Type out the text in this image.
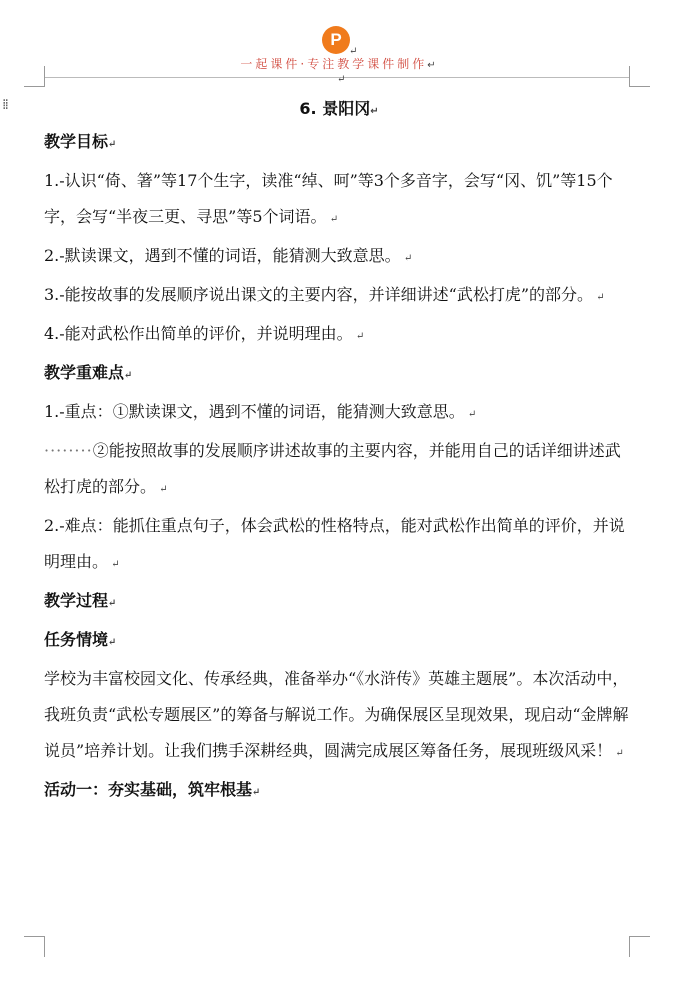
P
↵
一起课件·专注教学课件制作↵
↵
⁞⁞	6. 景阳冈↵
教学目标↵
1.-认识“倚、箸”等17个生字，读准“绰、呵”等3个多音字，会写“冈、饥”等15个字，会写“半夜三更、寻思”等5个词语。 ↵
2.-默读课文，遇到不懂的词语，能猜测大致意思。 ↵
3.-能按故事的发展顺序说出课文的主要内容，并详细讲述“武松打虎”的部分。 ↵
4.-能对武松作出简单的评价，并说明理由。 ↵
教学重难点↵
1.-重点：①默读课文，遇到不懂的词语，能猜测大致意思。 ↵
········②能按照故事的发展顺序讲述故事的主要内容，并能用自己的话详细讲述武松打虎的部分。 ↵
2.-难点：能抓住重点句子，体会武松的性格特点，能对武松作出简单的评价，并说明理由。 ↵
教学过程↵
任务情境↵
学校为丰富校园文化、传承经典，准备举办“《水浒传》英雄主题展”。本次活动中，我班负责“武松专题展区”的筹备与解说工作。为确保展区呈现效果，现启动“金牌解说员”培养计划。让我们携手深耕经典，圆满完成展区筹备任务，展现班级风采！ ↵
活动一：夯实基础，筑牢根基↵
